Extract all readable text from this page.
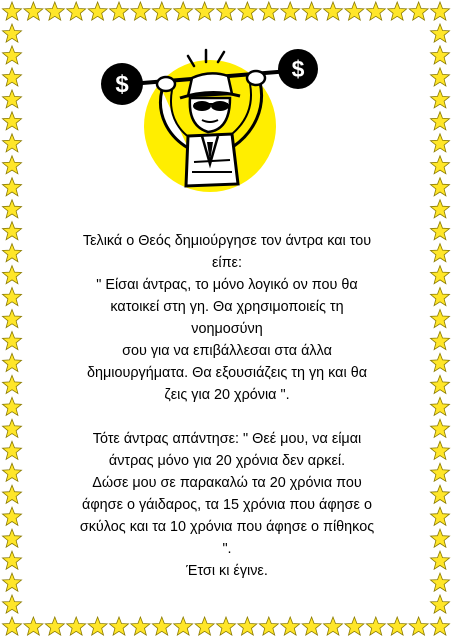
$
$

Τελικά ο Θεός δημιούργησε τον άντρα και του

είπε:

" Είσαι άντρας, το μόνο λογικό ον που θα

κατοικεί στη γη. Θα χρησιμοποιείς τη

νοημοσύνη

σου για να επιβάλλεσαι στα άλλα

δημιουργήματα. Θα εξουσιάζεις τη γη και θα

ζεις για 20 χρόνια ".

Τότε άντρας απάντησε: " Θεέ μου, να είμαι

άντρας μόνο για 20 χρόνια δεν αρκεί.

Δώσε μου σε παρακαλώ τα 20 χρόνια που

άφησε ο γάιδαρος, τα 15 χρόνια που άφησε ο

σκύλος και τα 10 χρόνια που άφησε ο πίθηκος

".

Έτσι κι έγινε.
